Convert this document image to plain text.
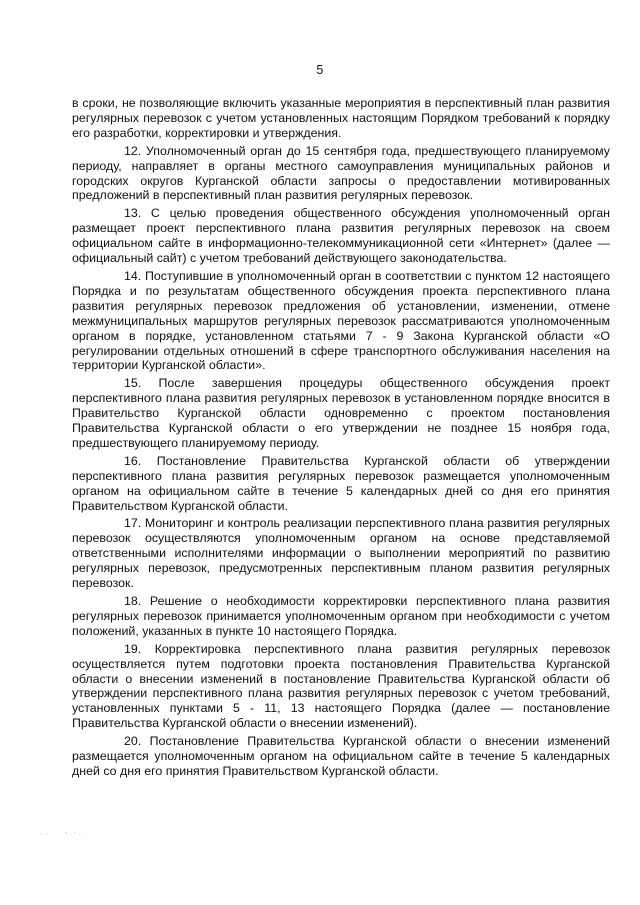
5

в сроки, не позволяющие включить указанные мероприятия в перспективный план развития регулярных перевозок с учетом установленных настоящим Порядком требований к порядку его разработки, корректировки и утверждения.

12. Уполномоченный орган до 15 сентября года, предшествующего планируемому периоду, направляет в органы местного самоуправления муниципальных районов и городских округов Курганской области запросы о предоставлении мотивированных предложений в перспективный план развития регулярных перевозок.

13. С целью проведения общественного обсуждения уполномоченный орган размещает проект перспективного плана развития регулярных перевозок на своем официальном сайте в информационно-телекоммуникационной сети «Интернет» (далее — официальный сайт) с учетом требований действующего законодательства.

14. Поступившие в уполномоченный орган в соответствии с пунктом 12 настоящего Порядка и по результатам общественного обсуждения проекта перспективного плана развития регулярных перевозок предложения об установлении, изменении, отмене межмуниципальных маршрутов регулярных перевозок рассматриваются уполномоченным органом в порядке, установленном статьями 7 - 9 Закона Курганской области «О регулировании отдельных отношений в сфере транспортного обслуживания населения на территории Курганской области».

15. После завершения процедуры общественного обсуждения проект перспективного плана развития регулярных перевозок в установленном порядке вносится в Правительство Курганской области одновременно с проектом постановления Правительства Курганской области о его утверждении не позднее 15 ноября года, предшествующего планируемому периоду.

16. Постановление Правительства Курганской области об утверждении перспективного плана развития регулярных перевозок размещается уполномоченным органом на официальном сайте в течение 5 календарных дней со дня его принятия Правительством Курганской области.

17. Мониторинг и контроль реализации перспективного плана развития регулярных перевозок осуществляются уполномоченным органом на основе представляемой ответственными исполнителями информации о выполнении мероприятий по развитию регулярных перевозок, предусмотренных перспективным планом развития регулярных перевозок.

18. Решение о необходимости корректировки перспективного плана развития регулярных перевозок принимается уполномоченным органом при необходимости с учетом положений, указанных в пункте 10 настоящего Порядка.

19. Корректировка перспективного плана развития регулярных перевозок осуществляется путем подготовки проекта постановления Правительства Курганской области о внесении изменений в постановление Правительства Курганской области об утверждении перспективного плана развития регулярных перевозок с учетом требований, установленных пунктами 5 - 11, 13 настоящего Порядка (далее — постановление Правительства Курганской области о внесении изменений).

20. Постановление Правительства Курганской области о внесении изменений размещается уполномоченным органом на официальном сайте в течение 5 календарных дней со дня его принятия Правительством Курганской области.
